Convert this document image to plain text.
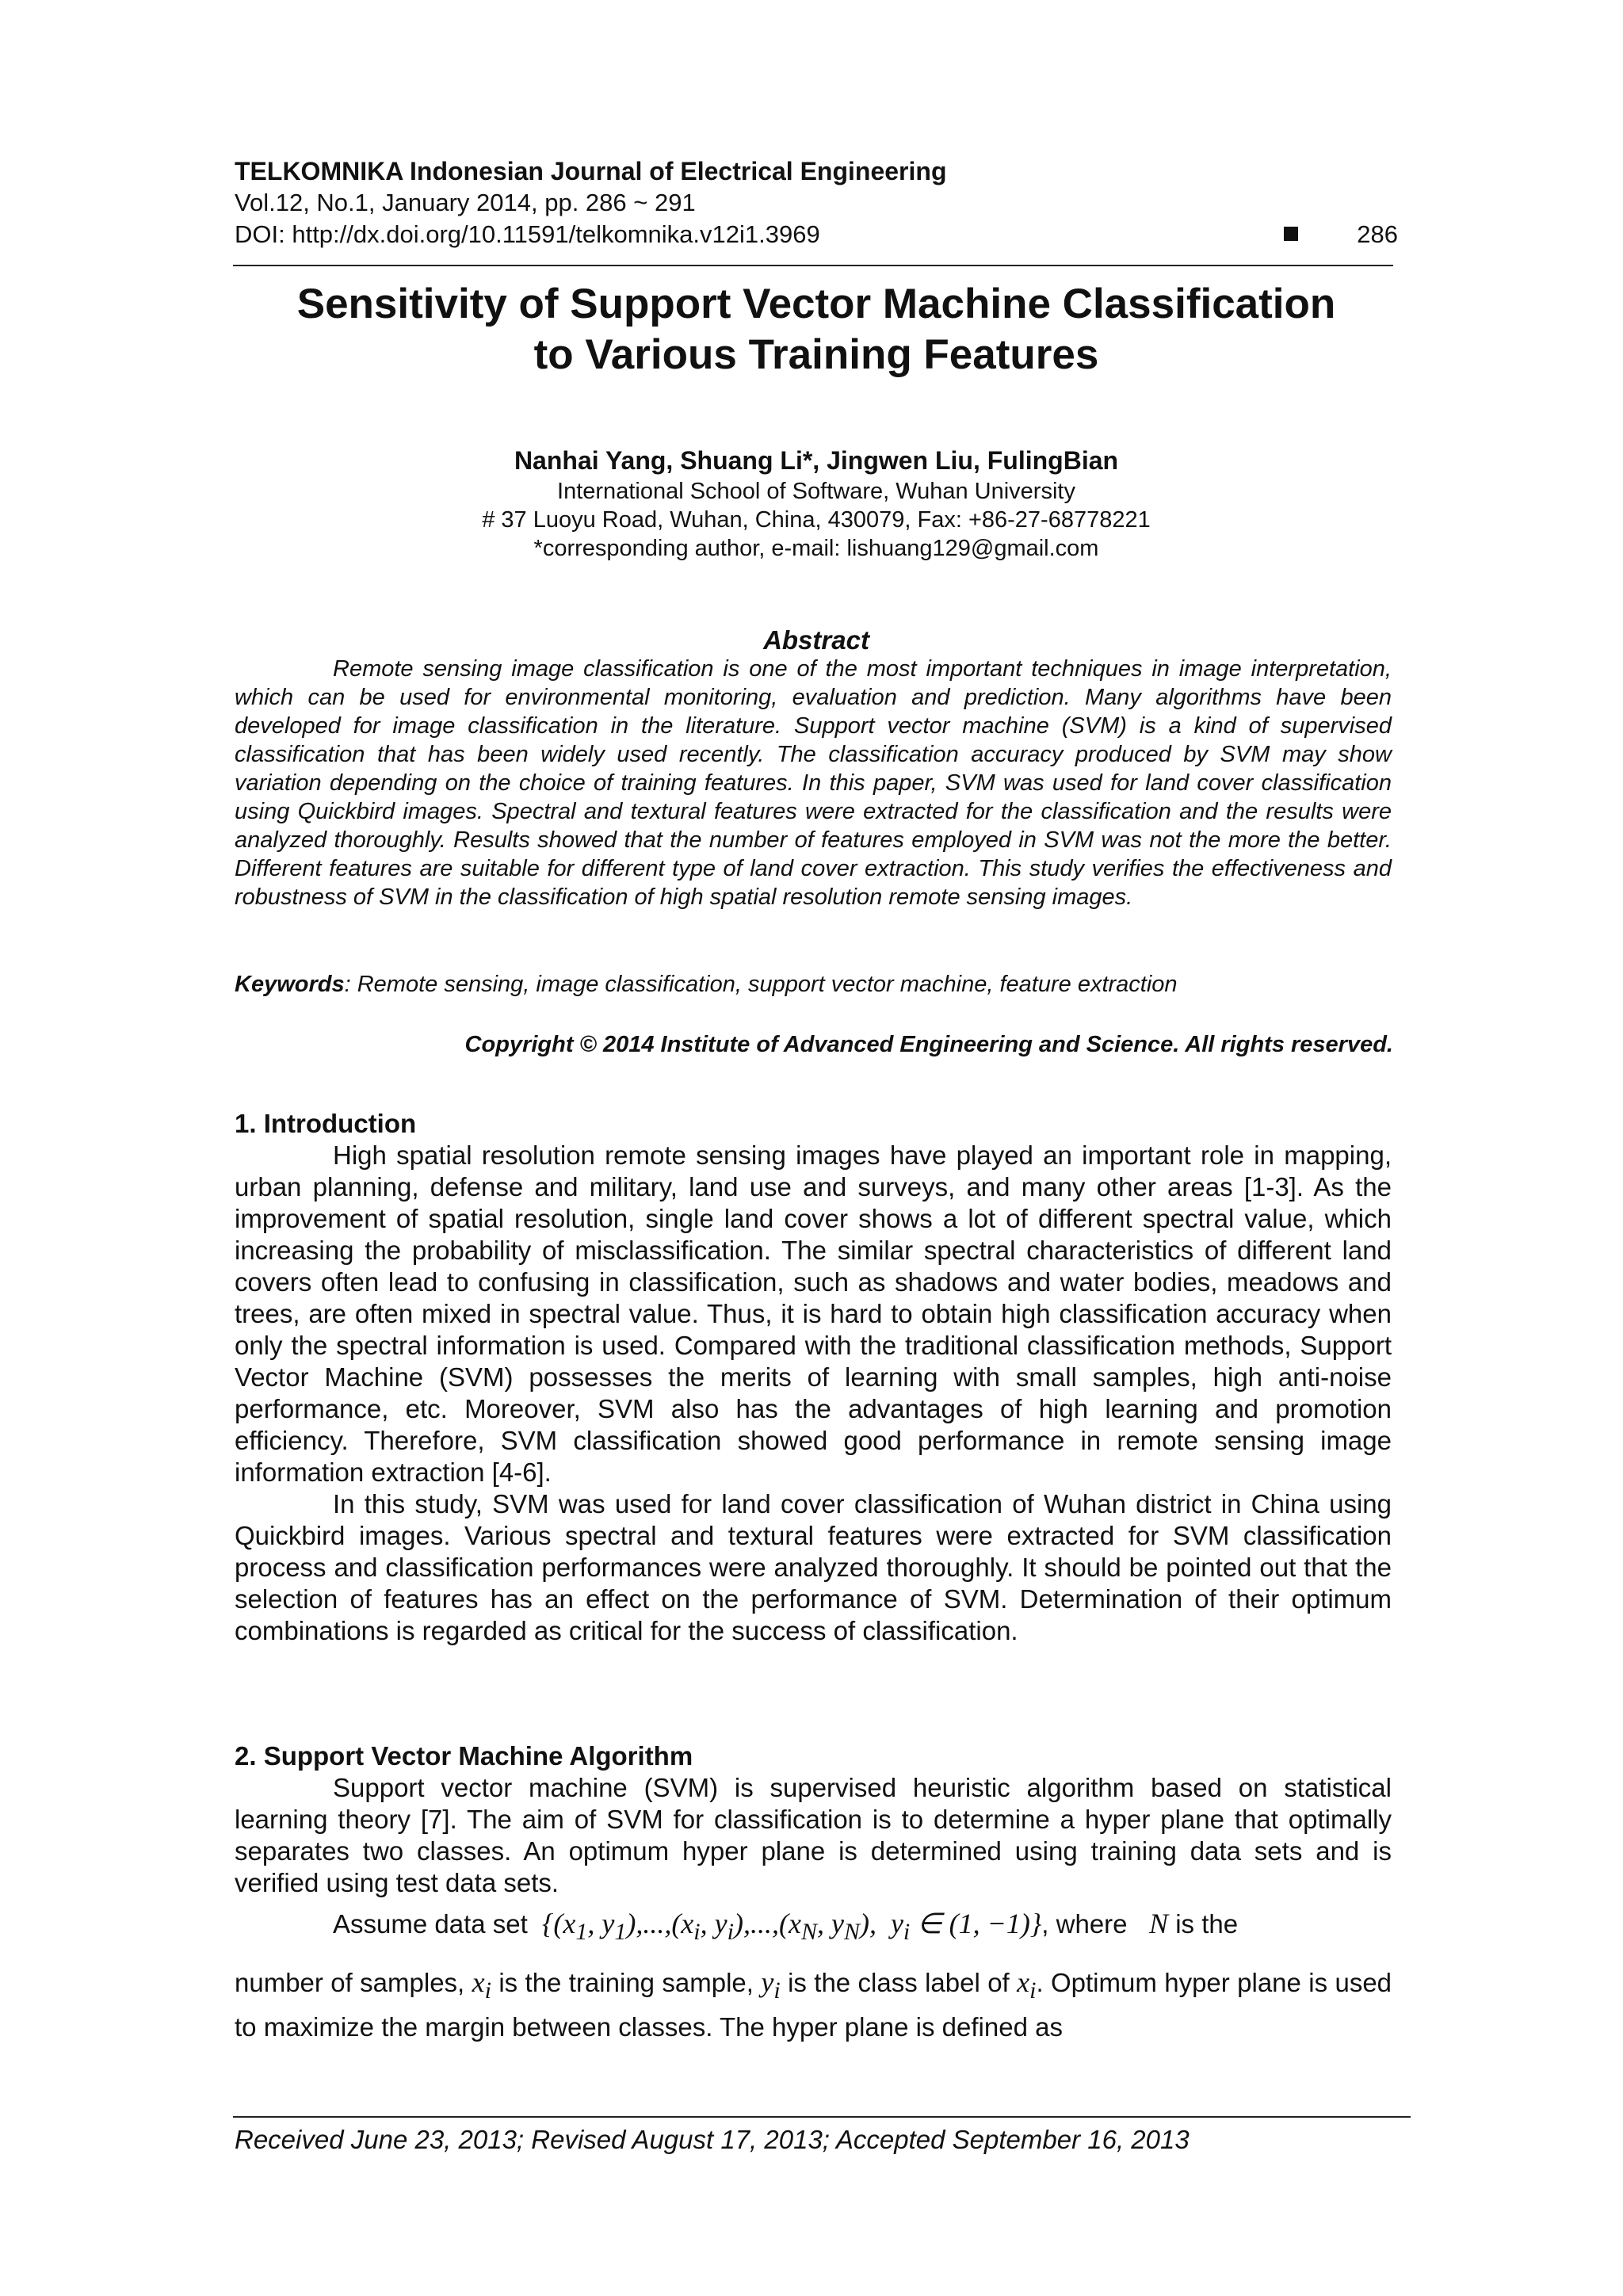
TELKOMNIKA Indonesian Journal of Electrical Engineering
Vol.12, No.1, January 2014, pp. 286 ~ 291
DOI: http://dx.doi.org/10.11591/telkomnika.v12i1.3969	286
Sensitivity of Support Vector Machine Classification
to Various Training Features
Nanhai Yang, Shuang Li*, Jingwen Liu, FulingBian
International School of Software, Wuhan University
# 37 Luoyu Road, Wuhan, China, 430079, Fax: +86-27-68778221
*corresponding author, e-mail: lishuang129@gmail.com
Abstract

Remote sensing image classification is one of the most important techniques in image interpretation, which can be used for environmental monitoring, evaluation and prediction. Many algorithms have been developed for image classification in the literature. Support vector machine (SVM) is a kind of supervised classification that has been widely used recently. The classification accuracy produced by SVM may show variation depending on the choice of training features. In this paper, SVM was used for land cover classification using Quickbird images. Spectral and textural features were extracted for the classification and the results were analyzed thoroughly. Results showed that the number of features employed in SVM was not the more the better. Different features are suitable for different type of land cover extraction. This study verifies the effectiveness and robustness of SVM in the classification of high spatial resolution remote sensing images.

Keywords: Remote sensing, image classification, support vector machine, feature extraction
Copyright © 2014 Institute of Advanced Engineering and Science. All rights reserved.
1. Introduction

High spatial resolution remote sensing images have played an important role in mapping, urban planning, defense and military, land use and surveys, and many other areas [1-3]. As the improvement of spatial resolution, single land cover shows a lot of different spectral value, which increasing the probability of misclassification. The similar spectral characteristics of different land covers often lead to confusing in classification, such as shadows and water bodies, meadows and trees, are often mixed in spectral value. Thus, it is hard to obtain high classification accuracy when only the spectral information is used. Compared with the traditional classification methods, Support Vector Machine (SVM) possesses the merits of learning with small samples, high anti-noise performance, etc. Moreover, SVM also has the advantages of high learning and promotion efficiency. Therefore, SVM classification showed good performance in remote sensing image information extraction [4-6].

In this study, SVM was used for land cover classification of Wuhan district in China using Quickbird images. Various spectral and textural features were extracted for SVM classification process and classification performances were analyzed thoroughly. It should be pointed out that the selection of features has an effect on the performance of SVM. Determination of their optimum combinations is regarded as critical for the success of classification.

2. Support Vector Machine Algorithm

Support vector machine (SVM) is supervised heuristic algorithm based on statistical learning theory [7]. The aim of SVM for classification is to determine a hyper plane that optimally separates two classes. An optimum hyper plane is determined using training data sets and is verified using test data sets.

Assume data set  {($x_1$, $y_1),...,(x_i$, $y_i),...,(x_N$, $y_N$),  $y_i$ ∈ (1, −1)}, where N is the

number of samples, $x_i$ is the training sample, $y_i$ is the class label of $x_i$. Optimum hyper plane is used to maximize the margin between classes. The hyper plane is defined as

Received June 23, 2013; Revised August 17, 2013; Accepted September 16, 2013
